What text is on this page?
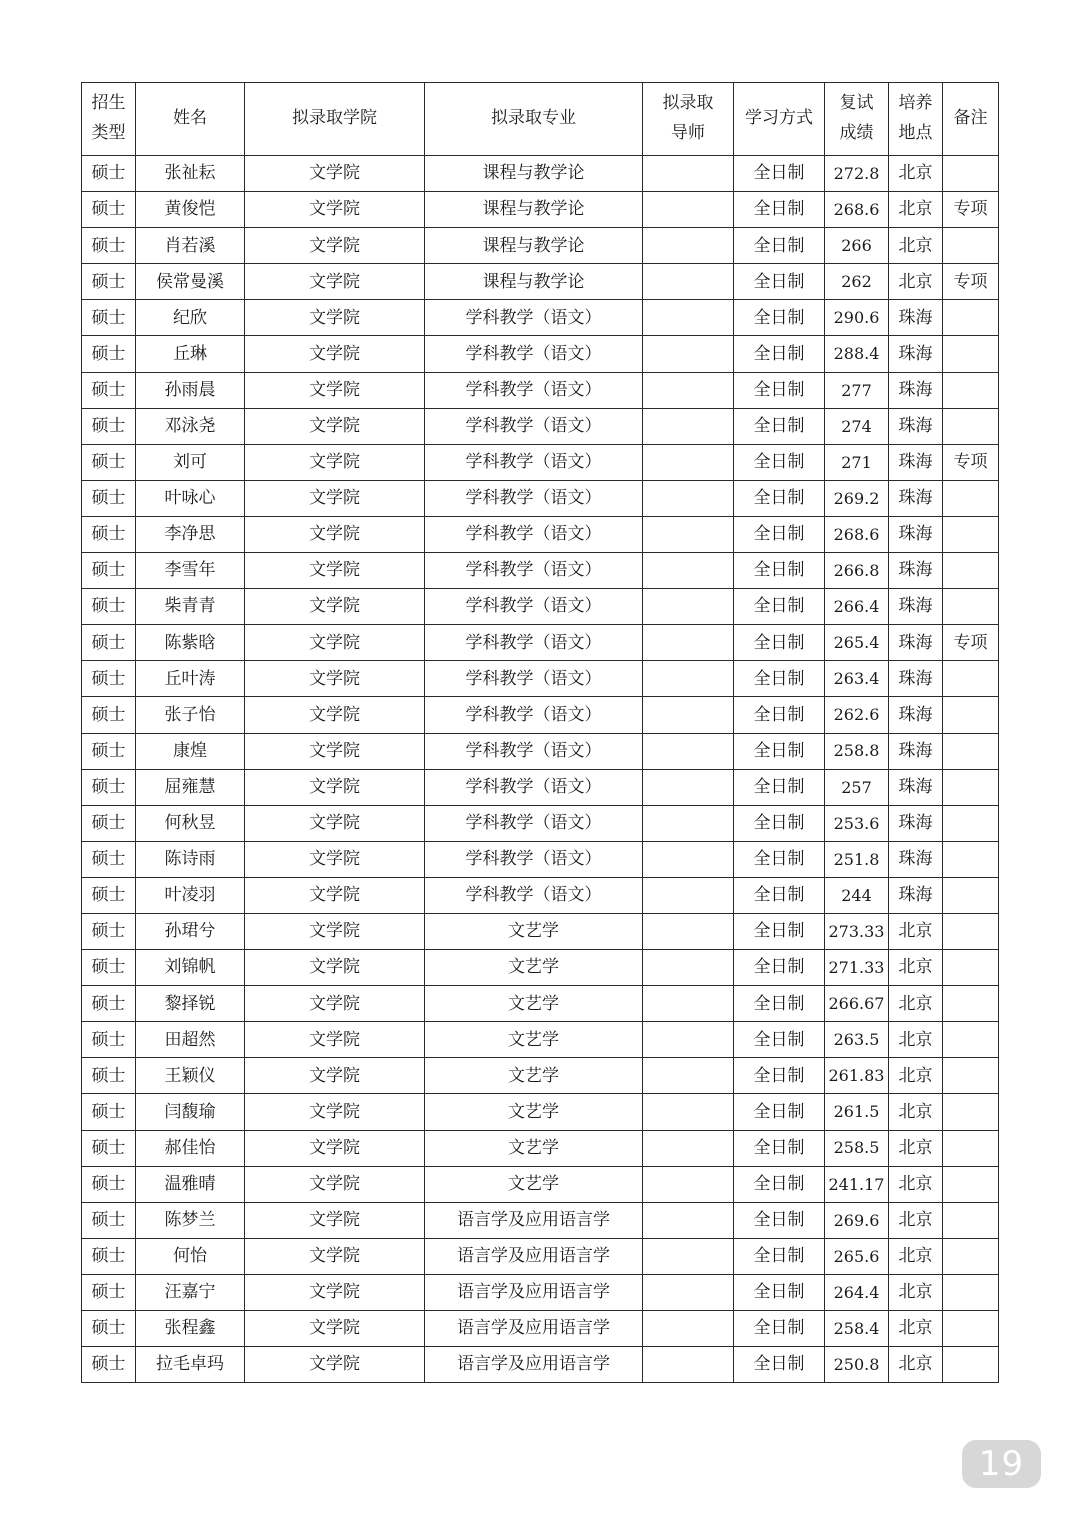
招生类型	姓名	拟录取学院	拟录取专业	拟录取导师	学习方式	复试成绩	培养地点	备注
硕士	张祉耘	文学院	课程与教学论		全日制	272.8	北京	
硕士	黄俊恺	文学院	课程与教学论		全日制	268.6	北京	专项
硕士	肖若溪	文学院	课程与教学论		全日制	266	北京	
硕士	侯常曼溪	文学院	课程与教学论		全日制	262	北京	专项
硕士	纪欣	文学院	学科教学（语文）		全日制	290.6	珠海	
硕士	丘琳	文学院	学科教学（语文）		全日制	288.4	珠海	
硕士	孙雨晨	文学院	学科教学（语文）		全日制	277	珠海	
硕士	邓泳尧	文学院	学科教学（语文）		全日制	274	珠海	
硕士	刘可	文学院	学科教学（语文）		全日制	271	珠海	专项
硕士	叶咏心	文学院	学科教学（语文）		全日制	269.2	珠海	
硕士	李净思	文学院	学科教学（语文）		全日制	268.6	珠海	
硕士	李雪年	文学院	学科教学（语文）		全日制	266.8	珠海	
硕士	柴青青	文学院	学科教学（语文）		全日制	266.4	珠海	
硕士	陈紫晗	文学院	学科教学（语文）		全日制	265.4	珠海	专项
硕士	丘叶涛	文学院	学科教学（语文）		全日制	263.4	珠海	
硕士	张子怡	文学院	学科教学（语文）		全日制	262.6	珠海	
硕士	康煌	文学院	学科教学（语文）		全日制	258.8	珠海	
硕士	屈雍慧	文学院	学科教学（语文）		全日制	257	珠海	
硕士	何秋昱	文学院	学科教学（语文）		全日制	253.6	珠海	
硕士	陈诗雨	文学院	学科教学（语文）		全日制	251.8	珠海	
硕士	叶凌羽	文学院	学科教学（语文）		全日制	244	珠海	
硕士	孙珺兮	文学院	文艺学		全日制	273.33	北京	
硕士	刘锦帆	文学院	文艺学		全日制	271.33	北京	
硕士	黎择锐	文学院	文艺学		全日制	266.67	北京	
硕士	田超然	文学院	文艺学		全日制	263.5	北京	
硕士	王颖仪	文学院	文艺学		全日制	261.83	北京	
硕士	闫馥瑜	文学院	文艺学		全日制	261.5	北京	
硕士	郝佳怡	文学院	文艺学		全日制	258.5	北京	
硕士	温雅晴	文学院	文艺学		全日制	241.17	北京	
硕士	陈梦兰	文学院	语言学及应用语言学		全日制	269.6	北京	
硕士	何怡	文学院	语言学及应用语言学		全日制	265.6	北京	
硕士	汪嘉宁	文学院	语言学及应用语言学		全日制	264.4	北京	
硕士	张程鑫	文学院	语言学及应用语言学		全日制	258.4	北京	
硕士	拉毛卓玛	文学院	语言学及应用语言学		全日制	250.8	北京	
19
